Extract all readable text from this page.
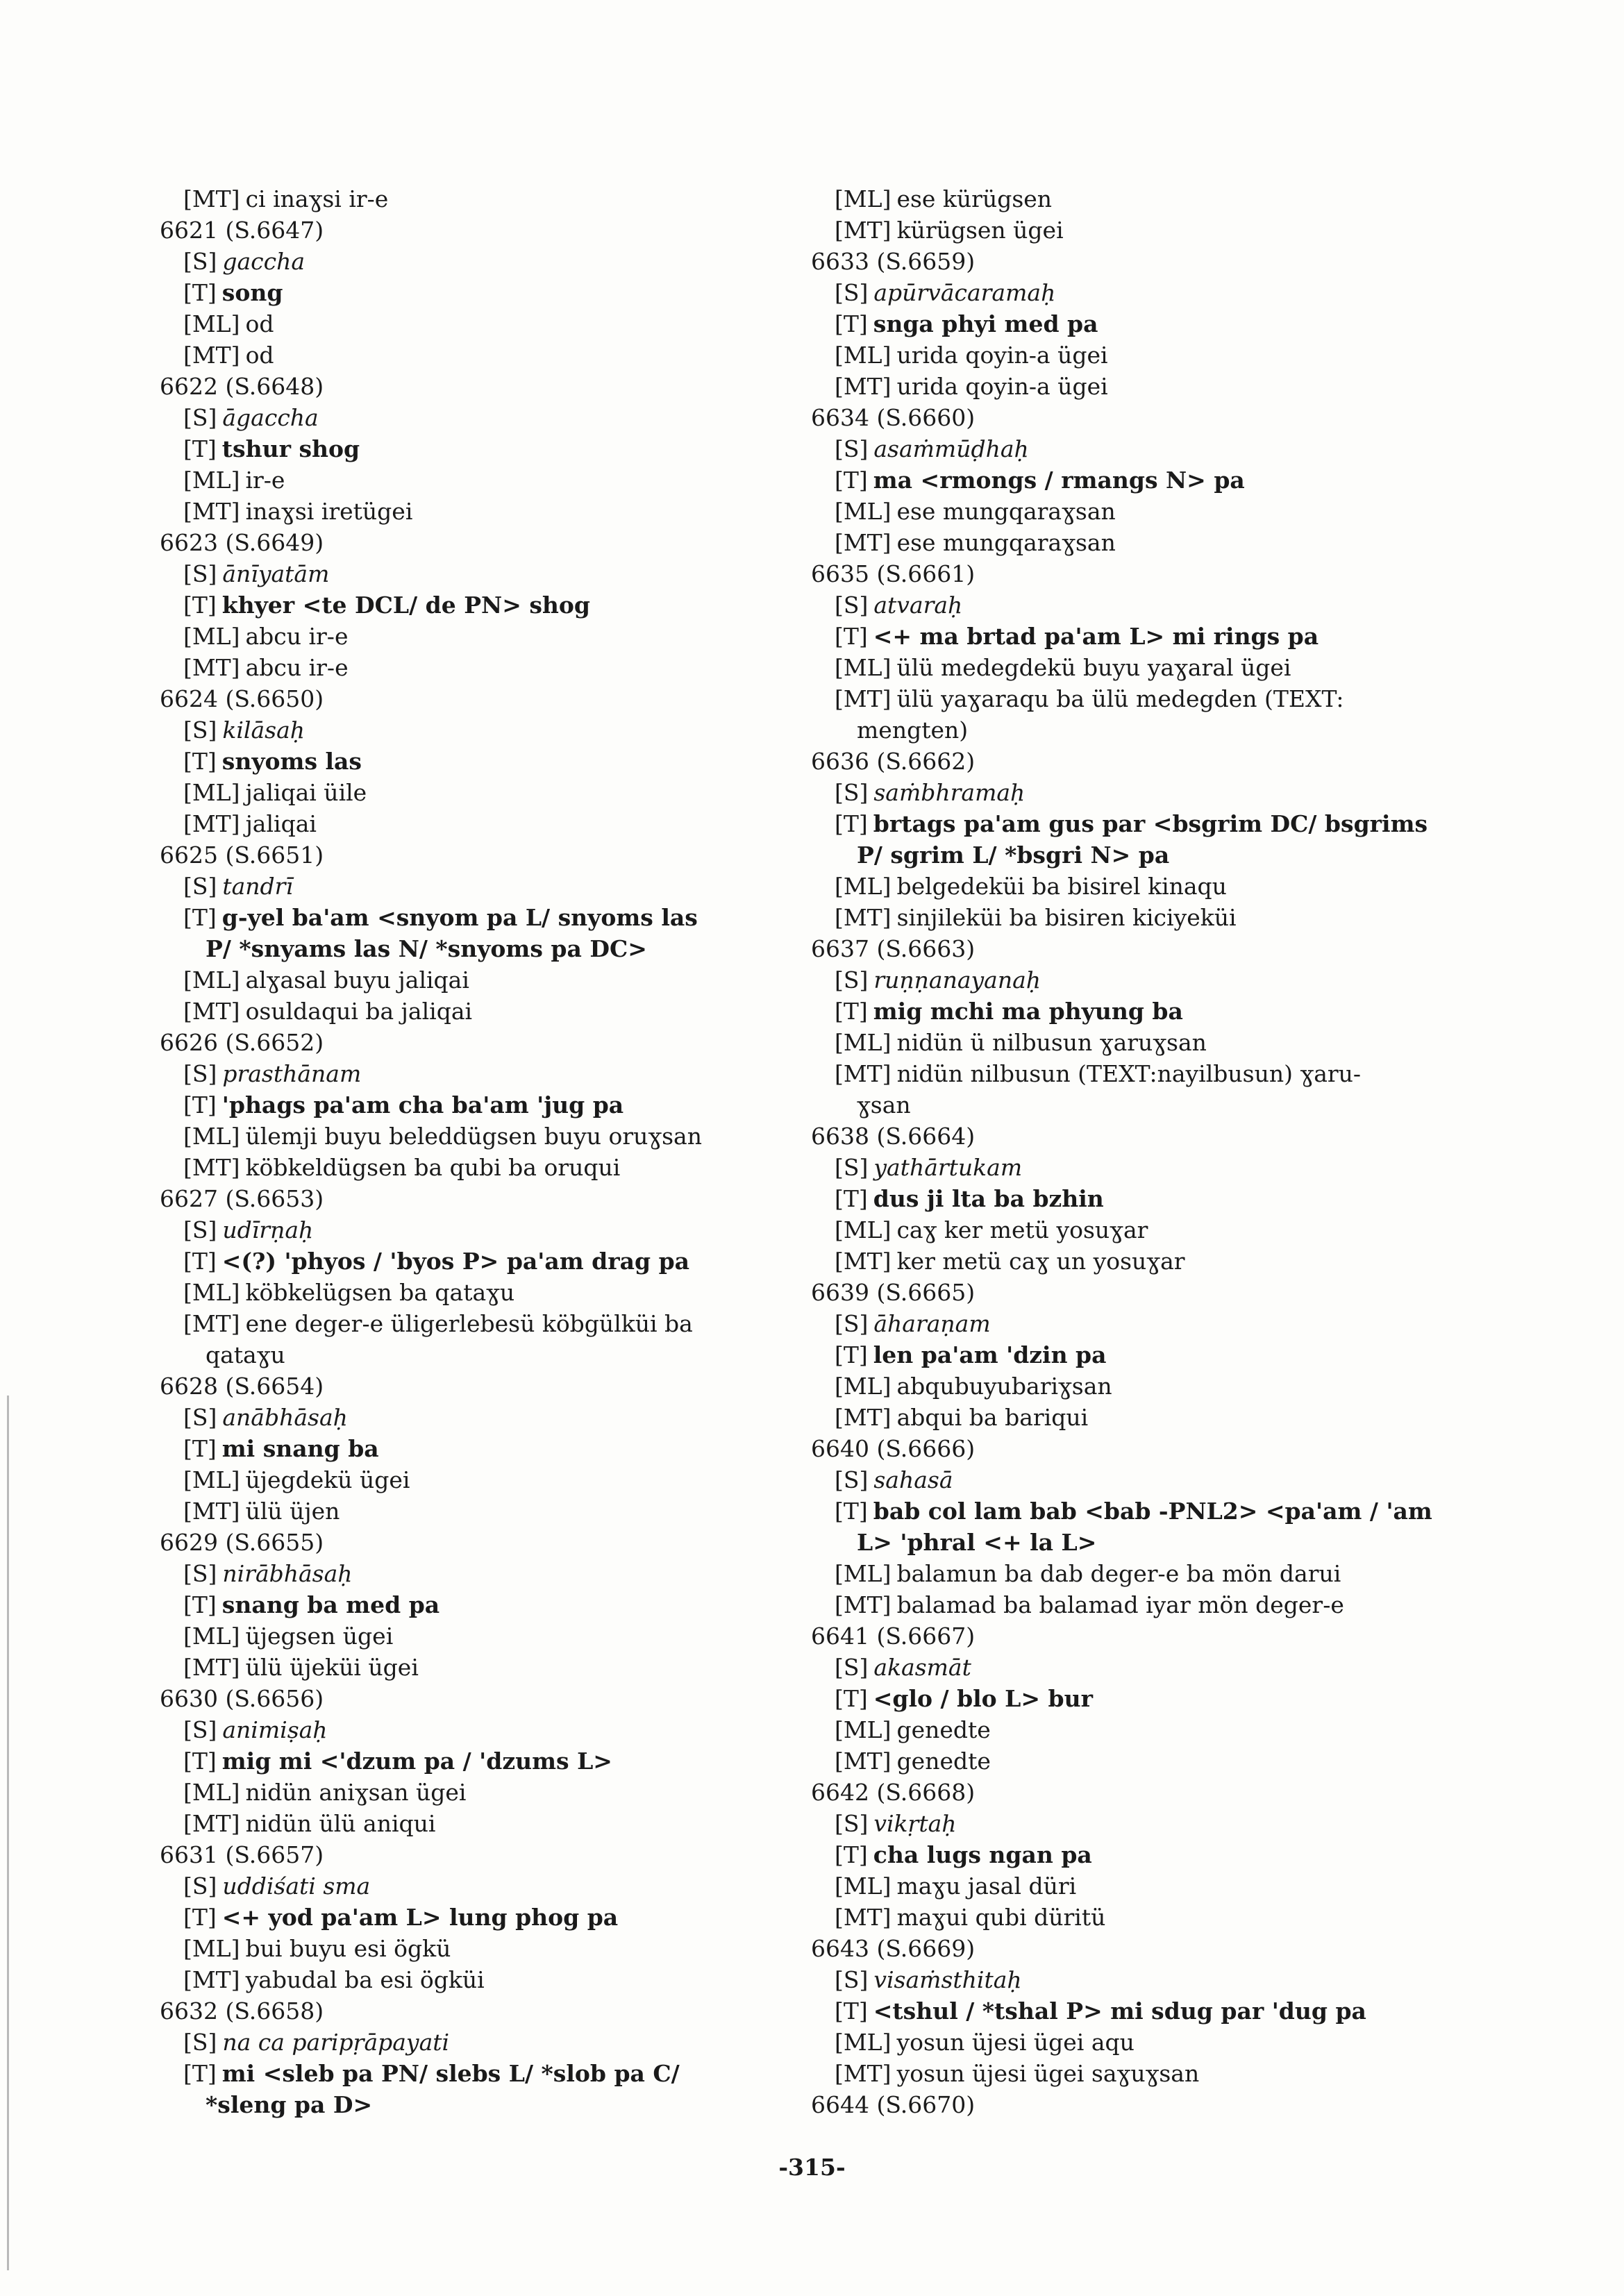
[MT] ci inaɣsi ir-e
6621 (S.6647)
[S] gaccha
[T] song
[ML] od
[MT] od
6622 (S.6648)
[S] āgaccha
[T] tshur shog
[ML] ir-e
[MT] inaɣsi iretügei
6623 (S.6649)
[S] ānīyatām
[T] khyer <te DCL/ de PN> shog
[ML] abcu ir-e
[MT] abcu ir-e
6624 (S.6650)
[S] kilāsaḥ
[T] snyoms las
[ML] jaliqai üile
[MT] jaliqai
6625 (S.6651)
[S] tandrī
[T] g-yel ba'am <snyom pa L/ snyoms las
P/ *snyams las N/ *snyoms pa DC>
[ML] alɣasal buyu jaliqai
[MT] osuldaqui ba jaliqai
6626 (S.6652)
[S] prasthānam
[T] 'phags pa'am cha ba'am 'jug pa
[ML] ülemji buyu beleddügsen buyu oruɣsan
[MT] köbkeldügsen ba qubi ba oruqui
6627 (S.6653)
[S] udīrṇaḥ
[T] <(?) 'phyos / 'byos P> pa'am drag pa
[ML] köbkelügsen ba qataɣu
[MT] ene deger-e üligerlebesü köbgülküi ba
qataɣu
6628 (S.6654)
[S] anābhāsaḥ
[T] mi snang ba
[ML] üjegdekü ügei
[MT] ülü üjen
6629 (S.6655)
[S] nirābhāsaḥ
[T] snang ba med pa
[ML] üjegsen ügei
[MT] ülü üjeküi ügei
6630 (S.6656)
[S] animiṣaḥ
[T] mig mi <'dzum pa / 'dzums L>
[ML] nidün aniɣsan ügei
[MT] nidün ülü aniqui
6631 (S.6657)
[S] uddiśati sma
[T] <+ yod pa'am L> lung phog pa
[ML] bui buyu esi ögkü
[MT] yabudal ba esi ögküi
6632 (S.6658)
[S] na ca paripṛāpayati
[T] mi <sleb pa PN/ slebs L/ *slob pa C/
*sleng pa D>
[ML] ese kürügsen
[MT] kürügsen ügei
6633 (S.6659)
[S] apūrvācaramaḥ
[T] snga phyi med pa
[ML] urida qoyin-a ügei
[MT] urida qoyin-a ügei
6634 (S.6660)
[S] asaṁmūḍhaḥ
[T] ma <rmongs / rmangs N> pa
[ML] ese mungqaraɣsan
[MT] ese mungqaraɣsan
6635 (S.6661)
[S] atvaraḥ
[T] <+ ma brtad pa'am L> mi rings pa
[ML] ülü medegdekü buyu yaɣaral ügei
[MT] ülü yaɣaraqu ba ülü medegden (TEXT:
mengten)
6636 (S.6662)
[S] saṁbhramaḥ
[T] brtags pa'am gus par <bsgrim DC/ bsgrims
P/ sgrim L/ *bsgri N> pa
[ML] belgedeküi ba bisirel kinaqu
[MT] sinjileküi ba bisiren kiciyeküi
6637 (S.6663)
[S] ruṇṇanayanaḥ
[T] mig mchi ma phyung ba
[ML] nidün ü nilbusun ɣaruɣsan
[MT] nidün nilbusun (TEXT:nayilbusun) ɣaru-
ɣsan
6638 (S.6664)
[S] yathārtukam
[T] dus ji lta ba bzhin
[ML] caɣ ker metü yosuɣar
[MT] ker metü caɣ un yosuɣar
6639 (S.6665)
[S] āharaṇam
[T] len pa'am 'dzin pa
[ML] abqubuyubariɣsan
[MT] abqui ba bariqui
6640 (S.6666)
[S] sahasā
[T] bab col lam bab <bab -PNL2> <pa'am / 'am
L> 'phral <+ la L>
[ML] balamun ba dab deger-e ba mön darui
[MT] balamad ba balamad iyar mön deger-e
6641 (S.6667)
[S] akasmāt
[T] <glo / blo L> bur
[ML] genedte
[MT] genedte
6642 (S.6668)
[S] vikṛtaḥ
[T] cha lugs ngan pa
[ML] maɣu jasal düri
[MT] maɣui qubi düritü
6643 (S.6669)
[S] visaṁsthitaḥ
[T] <tshul / *tshal P> mi sdug par 'dug pa
[ML] yosun üjesi ügei aqu
[MT] yosun üjesi ügei saɣuɣsan
6644 (S.6670)
-315-
